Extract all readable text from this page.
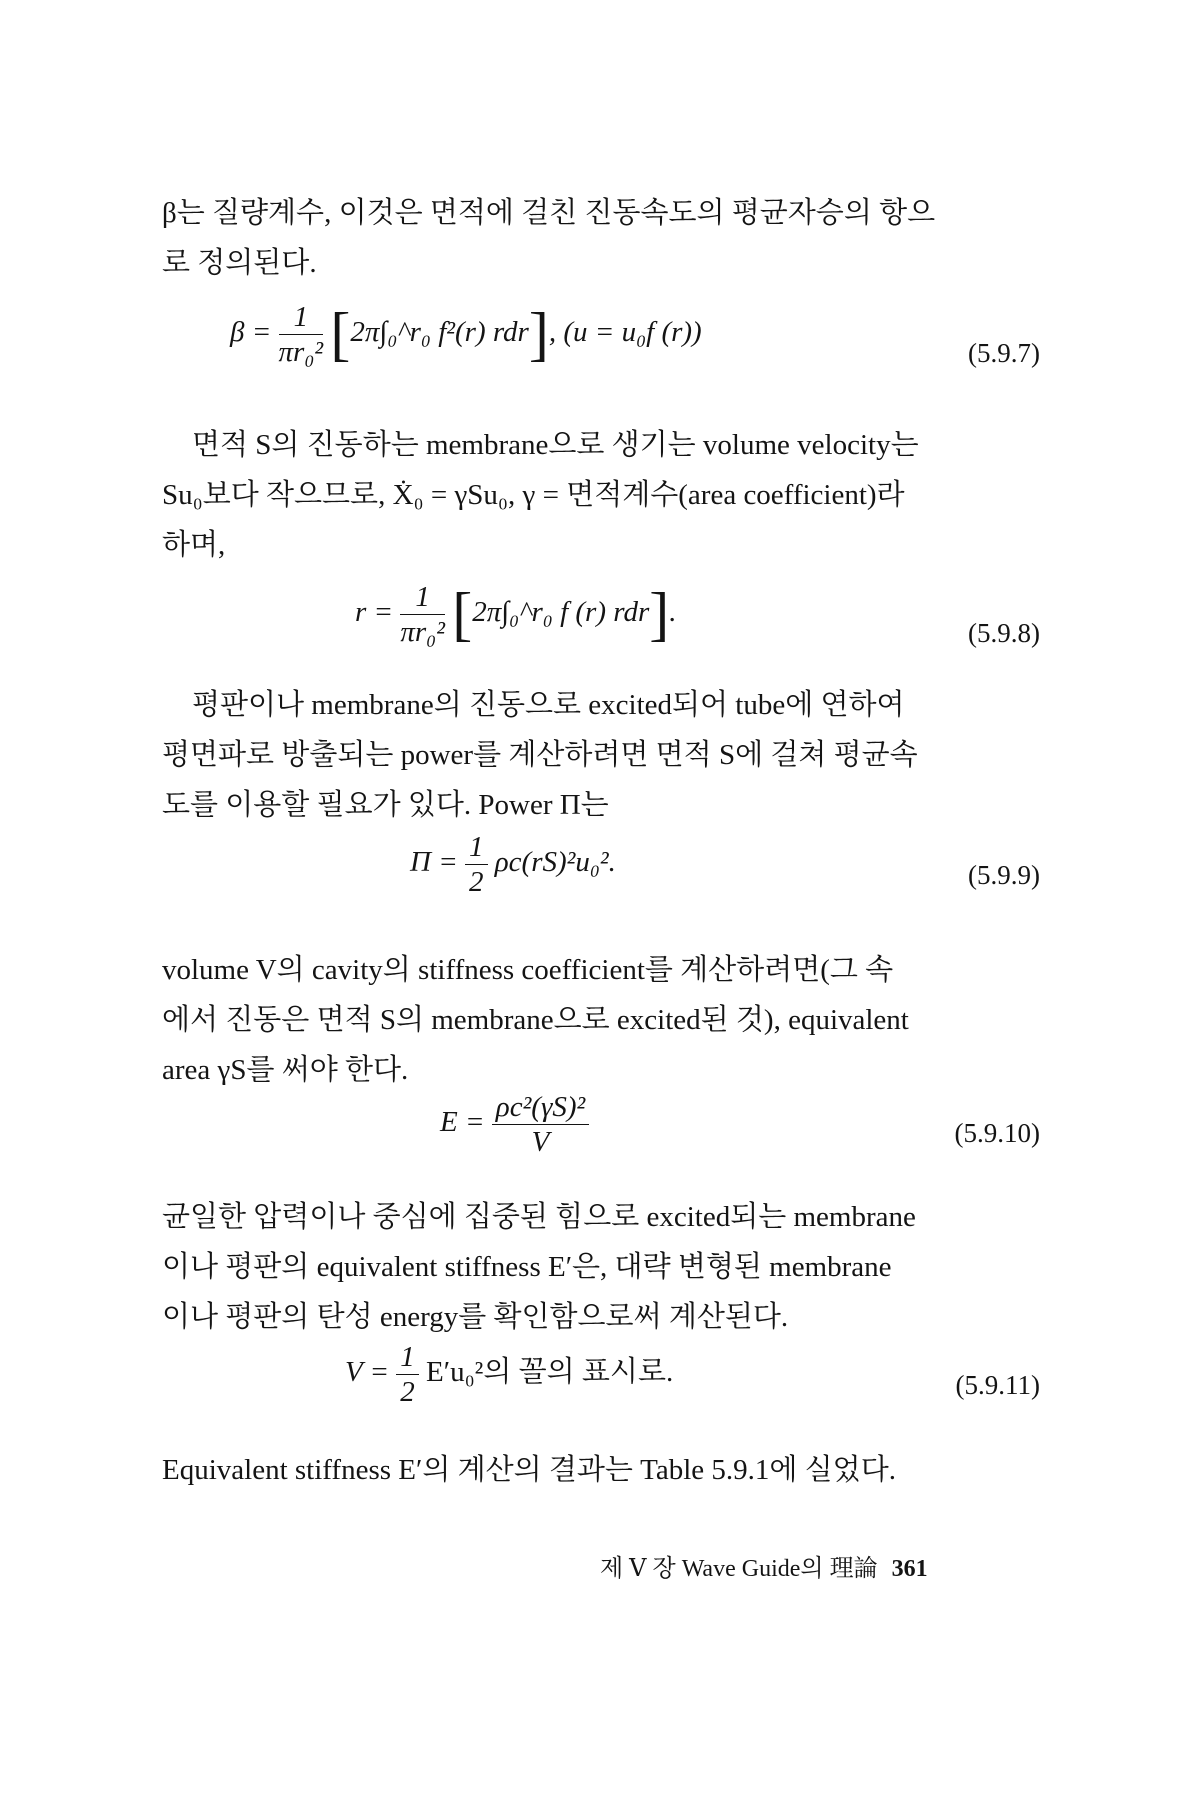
β는 질량계수, 이것은 면적에 걸친 진동속도의 평균자승의 항으
로 정의된다.
$\beta = \frac{1}{\text{πr₀²}}$ [2π∫₀^r₀ f²(r) rdr], (u = u₀f (r))
(5.9.7)
면적 S의 진동하는 membrane으로 생기는 volume velocity는
Su₀보다 작으므로, Ẋ₀ = γSu₀, γ = 면적계수(area coefficient)라
하며,
$r = \frac{1}{\text{πr₀²}}$ [2π∫₀^r₀ f (r) rdr].
(5.9.8)
평판이나 membrane의 진동으로 excited되어 tube에 연하여
평면파로 방출되는 power를 계산하려면 면적 S에 걸쳐 평균속
도를 이용할 필요가 있다. Power Π는
$\Pi = \frac{1}{2} \rho c(rS)^2u_0^2$.	(5.9.9)
volume V의 cavity의 stiffness coefficient를 계산하려면(그 속
에서 진동은 면적 S의 membrane으로 excited된 것), equivalent
area γS를 써야 한다.
$E = \frac{\text{ρc²(γS)²}}{V}$	(5.9.10)
균일한 압력이나 중심에 집중된 힘으로 excited되는 membrane
이나 평판의 equivalent stiffness E′은, 대략 변형된 membrane
이나 평판의 탄성 energy를 확인함으로써 계산된다.
$V = \frac{1}{2} E'u_0^2$의 꼴의 표시로.	(5.9.11)
Equivalent stiffness E′의 계산의 결과는 Table 5.9.1에 실었다.
제 Ⅴ 장 Wave Guide의 理論 361
